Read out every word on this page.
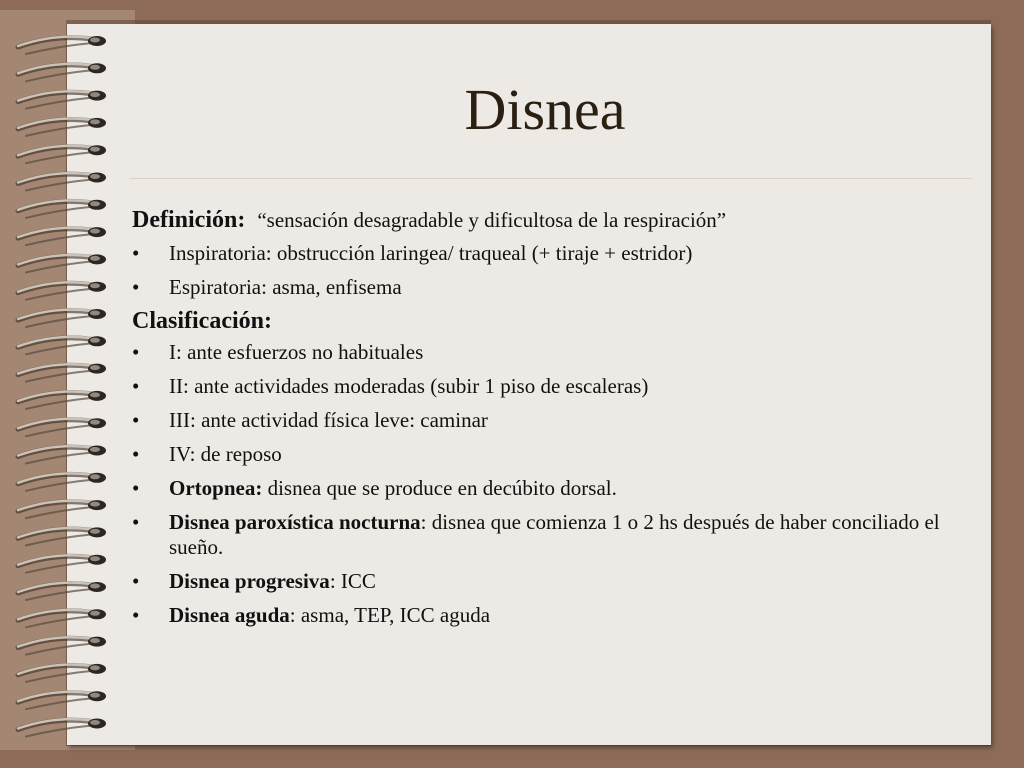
Disnea
Definición: “sensación desagradable y dificultosa de la respiración”
• Inspiratoria: obstrucción laringea/ traqueal (+ tiraje + estridor)
• Espiratoria: asma, enfisema
Clasificación:
• I: ante esfuerzos no habituales
• II: ante actividades moderadas (subir 1 piso de escaleras)
• III: ante actividad física leve: caminar
• IV: de reposo
• Ortopnea: disnea que se produce en decúbito dorsal.
• Disnea paroxística nocturna: disnea que comienza 1 o 2 hs después de haber conciliado el sueño.
• Disnea progresiva: ICC
• Disnea aguda: asma, TEP, ICC aguda
